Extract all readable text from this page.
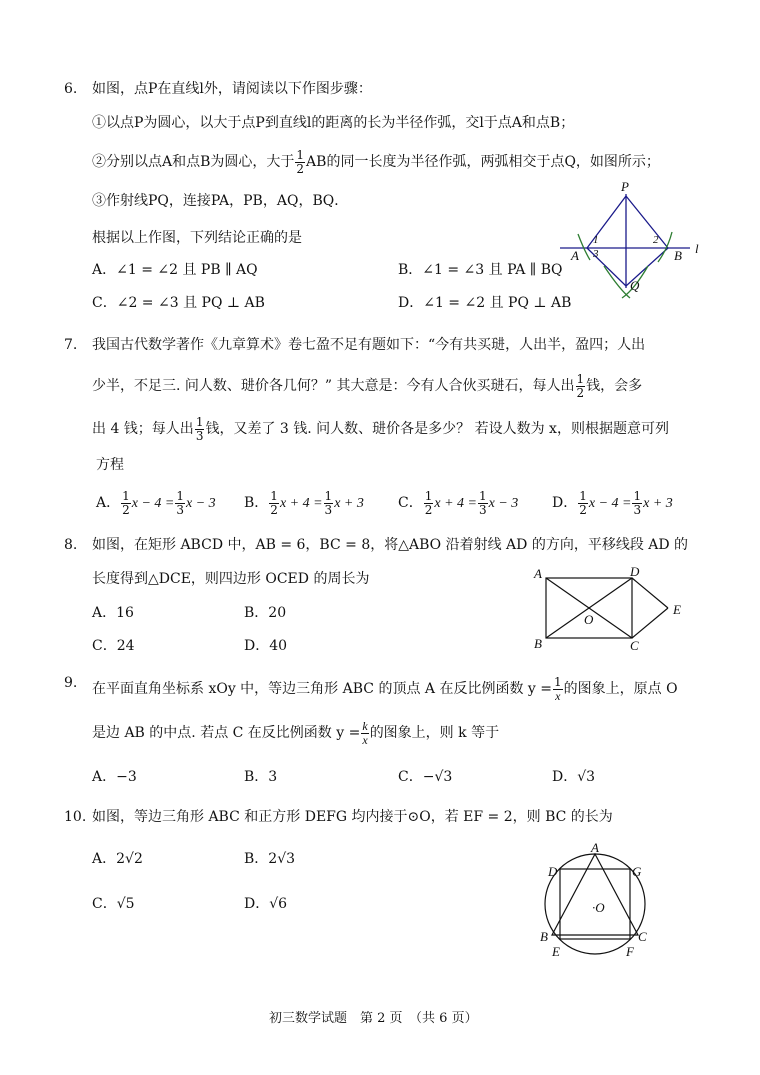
6. 如图，点P在直线l外，请阅读以下作图步骤：
①以点P为圆心，以大于点P到直线l的距离的长为半径作弧，交l于点A和点B；
②分别以点A和点B为圆心，大于 $\frac{1}{2}$ AB的同一长度为半径作弧，两弧相交于点Q，如图所示；
③作射线PQ，连接PA，PB，AQ，BQ．
根据以上作图，下列结论正确的是
A．∠1 = ∠2 且 PB ∥ AQ	B．∠1 = ∠3 且 PA ∥ BQ
C．∠2 = ∠3 且 PQ ⊥ AB	D．∠1 = ∠2 且 PQ ⊥ AB
P
A	B
Q
l
1
3
2
7. 我国古代数学著作《九章算术》卷七盈不足有题如下：“今有共买琎，人出半，盈四；人出
少半，不足三. 问人数、琎价各几何？” 其大意是：今有人合伙买琎石，每人出 $\frac{1}{2}$ 钱，会多
出 4 钱；每人出 $\frac{1}{3}$ 钱，又差了 3 钱. 问人数、琎价各是多少？ 若设人数为 x，则根据题意可列
方程
A． $\frac{1}{2}$ $x - 4 = \frac{1}{3}$ x − 3 B． $\frac{1}{2}$ $x + 4 = \frac{1}{3}$ x + 3 C． $\frac{1}{2}$ $x + 4 = \frac{1}{3}$ x − 3 D． $\frac{1}{2}$ $x - 4 = \frac{1}{3}$ x + 3
8. 如图，在矩形 ABCD 中，AB = 6，BC = 8，将△ABO 沿着射线 AD 的方向，平移线段 AD 的
长度得到△DCE，则四边形 OCED 的周长为
A．16	B．20
C．24	D．40
A	D
E
B	C
O
9. 在平面直角坐标系 xOy 中，等边三角形 ABC 的顶点 A 在反比例函数 $y = \frac{1}{x}$ 的图象上，原点 O
是边 AB 的中点. 若点 C 在反比例函数 $y = \frac{k}{x}$ 的图象上，则 k 等于
A．−3	B．3	C．−√3	D．√3
10. 如图，等边三角形 ABC 和正方形 DEFG 均内接于⊙O，若 EF = 2，则 BC 的长为
A．2√2	B．2√3
C．√5	D．√6
A
D	G
B	C
E	F
·O
初三数学试题　第 2 页　（共 6 页）
